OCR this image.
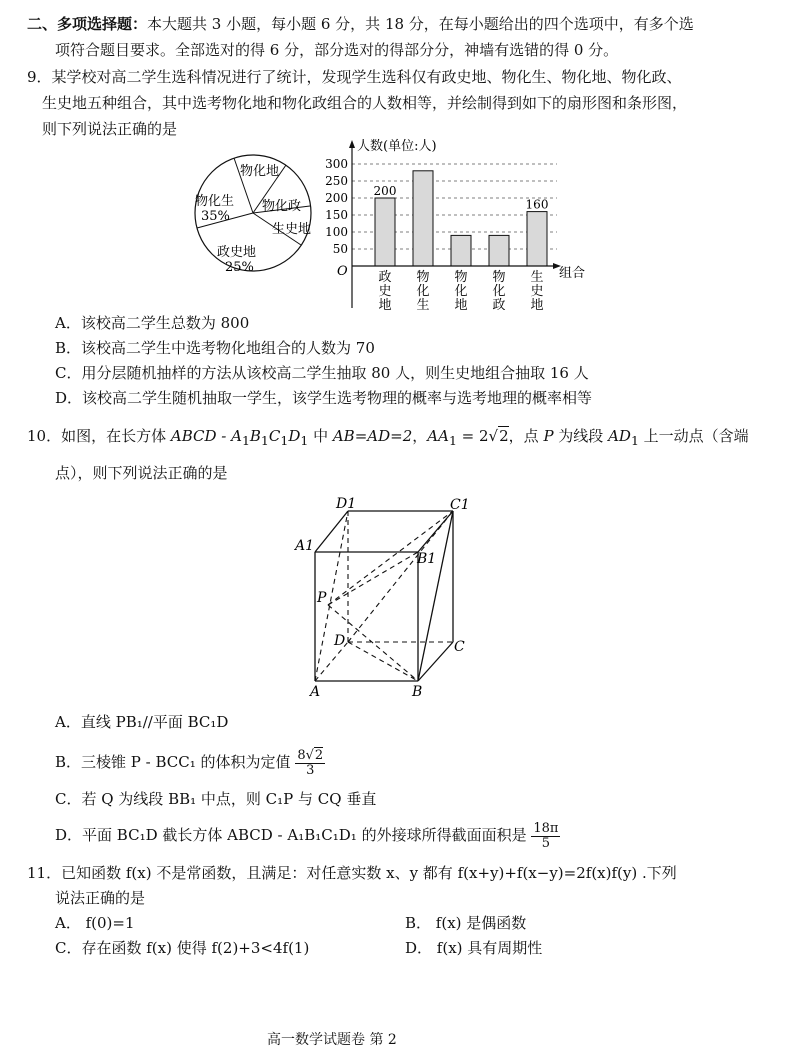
二、多项选择题：本大题共 3 小题，每小题 6 分，共 18 分，在每小题给出的四个选项中，有多个选
项符合题目要求。全部选对的得 6 分，部分选对的得部分分，神墙有选错的得 0 分。
9．某学校对高二学生选科情况进行了统计，发现学生选科仅有政史地、物化生、物化地、物化政、
生史地五种组合，其中选考物化地和物化政组合的人数相等，并绘制得到如下的扇形图和条形图，
则下列说法正确的是
物化生
35%
政史地
25%
物化地
物化政
生史地
人数(单位:人)
组合
O
200
160
300
250
200
150
100
50
政史地
物化生
物化地
物化政
生史地
A．该校高二学生总数为 800
B．该校高二学生中选考物化地组合的人数为 70
C．用分层随机抽样的方法从该校高二学生抽取 80 人，则生史地组合抽取 16 人
D．该校高二学生随机抽取一学生，该学生选考物理的概率与选考地理的概率相等
10．如图，在长方体 ABCD - $A_1B_1C_1D_1$ 中 AB=AD=2，$AA_1 = 2√2$，点 P 为线段 $AD_1$ 上一动点（含端
点），则下列说法正确的是
D1	C1
A1
B1
P
D	C
A	B
A．直线 PB₁//平面 BC₁D
B．三棱锥 P - BCC₁ 的体积为定值 $\frac{8√2}{3}$
C．若 Q 为线段 BB₁ 中点，则 C₁P 与 CQ 垂直
D．平面 BC₁D 截长方体 ABCD - A₁B₁C₁D₁ 的外接球所得截面面积是 $\frac{18\pi}{5}$
11．已知函数 f(x) 不是常函数，且满足：对任意实数 x、y 都有 f(x+y)+f(x−y)=2f(x)f(y) .下列
说法正确的是
A． f(0)=1	B． f(x) 是偶函数
C．存在函数 f(x) 使得 f(2)+3<4f(1)	D． f(x) 具有周期性
高一数学试题卷 第 2
